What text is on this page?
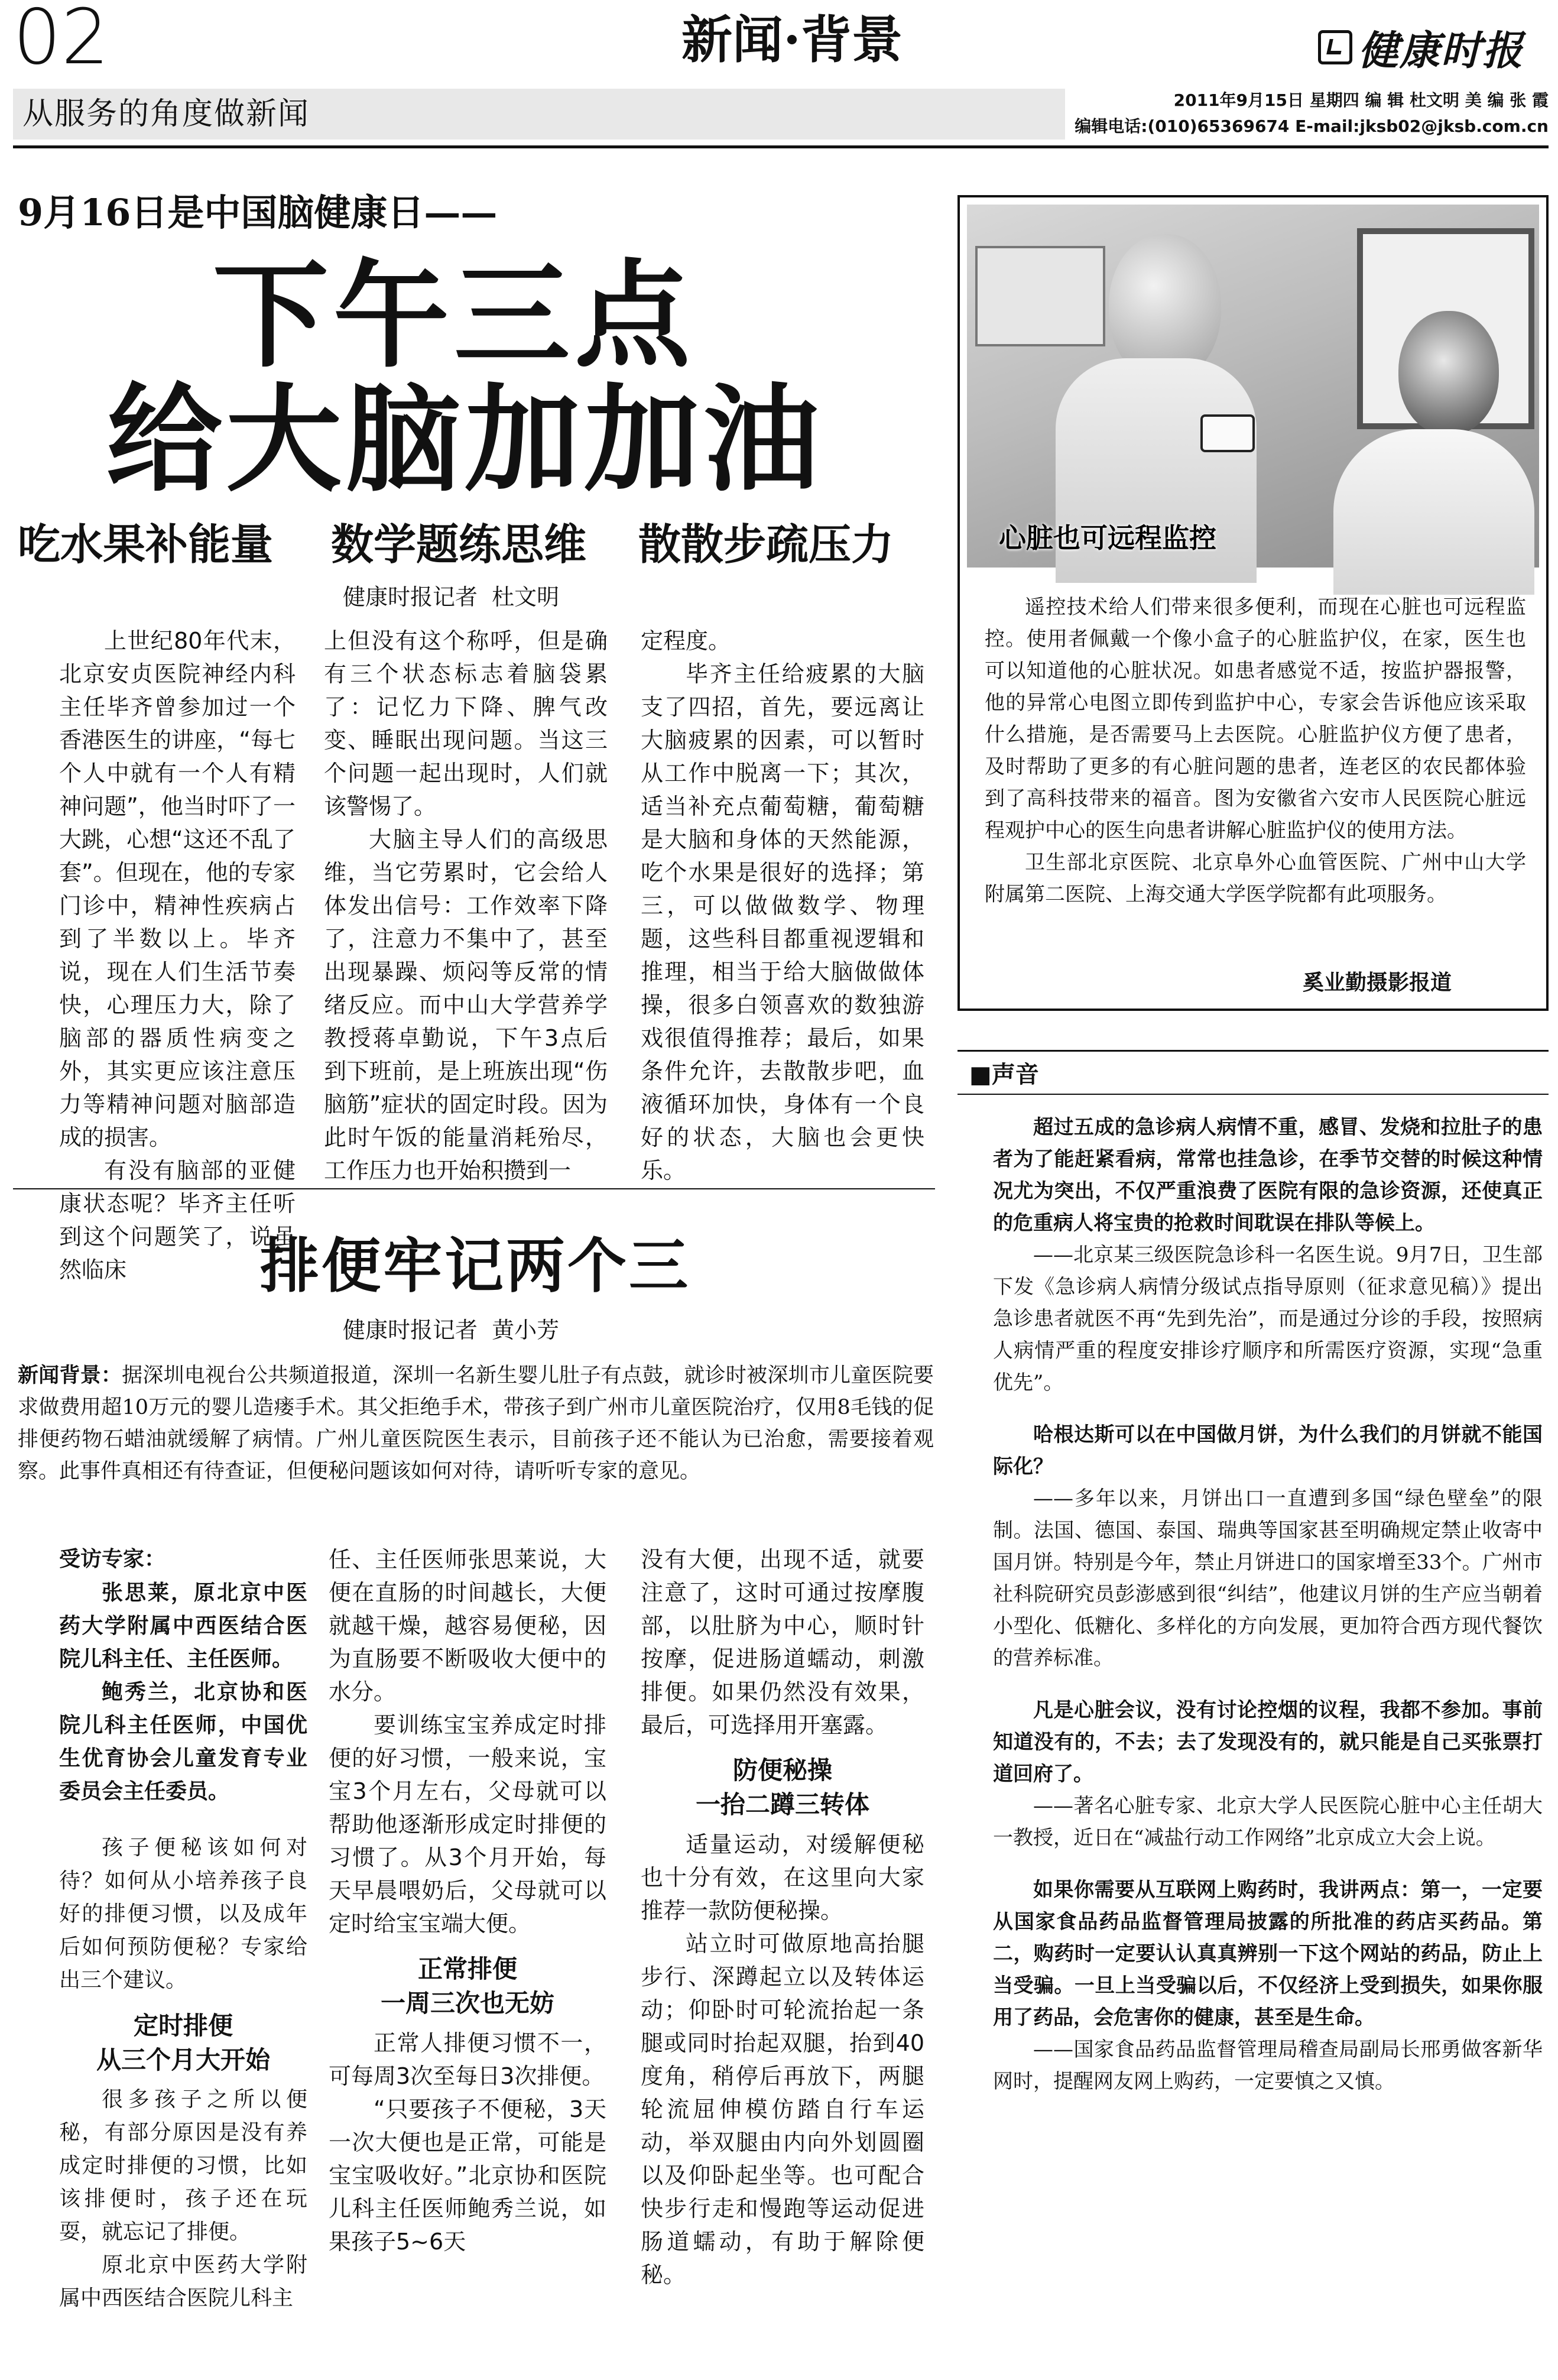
02	新闻·背景	健康时报
从服务的角度做新闻	2011年9月15日 星期四 编 辑 杜文明 美 编 张 霞
编辑电话:(010)65369674 E-mail:jksb02@jksb.com.cn
9月16日是中国脑健康日——
下午三点
给大脑加加油
吃水果补能量 数学题练思维 散散步疏压力
健康时报记者  杜文明

上世纪80年代末，北京安贞医院神经内科主任毕齐曾参加过一个香港医生的讲座，“每七个人中就有一个人有精神问题”，他当时吓了一大跳，心想“这还不乱了套”。但现在，他的专家门诊中，精神性疾病占到了半数以上。毕齐说，现在人们生活节奏快，心理压力大，除了脑部的器质性病变之外，其实更应该注意压力等精神问题对脑部造成的损害。

有没有脑部的亚健康状态呢？毕齐主任听到这个问题笑了，说虽然临床

上但没有这个称呼，但是确有三个状态标志着脑袋累了：记忆力下降、脾气改变、睡眠出现问题。当这三个问题一起出现时，人们就该警惕了。

大脑主导人们的高级思维，当它劳累时，它会给人体发出信号：工作效率下降了，注意力不集中了，甚至出现暴躁、烦闷等反常的情绪反应。而中山大学营养学教授蒋卓勤说，下午3点后到下班前，是上班族出现“伤脑筋”症状的固定时段。因为此时午饭的能量消耗殆尽，工作压力也开始积攒到一

定程度。

毕齐主任给疲累的大脑支了四招，首先，要远离让大脑疲累的因素，可以暂时从工作中脱离一下；其次，适当补充点葡萄糖，葡萄糖是大脑和身体的天然能源，吃个水果是很好的选择；第三，可以做做数学、物理题，这些科目都重视逻辑和推理，相当于给大脑做做体操，很多白领喜欢的数独游戏很值得推荐；最后，如果条件允许，去散散步吧，血液循环加快，身体有一个良好的状态，大脑也会更快乐。

心脏也可远程监控

遥控技术给人们带来很多便利，而现在心脏也可远程监控。使用者佩戴一个像小盒子的心脏监护仪，在家，医生也可以知道他的心脏状况。如患者感觉不适，按监护器报警，他的异常心电图立即传到监护中心，专家会告诉他应该采取什么措施，是否需要马上去医院。心脏监护仪方便了患者，及时帮助了更多的有心脏问题的患者，连老区的农民都体验到了高科技带来的福音。图为安徽省六安市人民医院心脏远程观护中心的医生向患者讲解心脏监护仪的使用方法。

卫生部北京医院、北京阜外心血管医院、广州中山大学附属第二医院、上海交通大学医学院都有此项服务。

奚业勤摄影报道
■声音

超过五成的急诊病人病情不重，感冒、发烧和拉肚子的患者为了能赶紧看病，常常也挂急诊，在季节交替的时候这种情况尤为突出，不仅严重浪费了医院有限的急诊资源，还使真正的危重病人将宝贵的抢救时间耽误在排队等候上。

——北京某三级医院急诊科一名医生说。9月7日，卫生部下发《急诊病人病情分级试点指导原则（征求意见稿）》提出急诊患者就医不再“先到先治”，而是通过分诊的手段，按照病人病情严重的程度安排诊疗顺序和所需医疗资源，实现“急重优先”。

哈根达斯可以在中国做月饼，为什么我们的月饼就不能国际化？

——多年以来，月饼出口一直遭到多国“绿色壁垒”的限制。法国、德国、泰国、瑞典等国家甚至明确规定禁止收寄中国月饼。特别是今年，禁止月饼进口的国家增至33个。广州市社科院研究员彭澎感到很“纠结”，他建议月饼的生产应当朝着小型化、低糖化、多样化的方向发展，更加符合西方现代餐饮的营养标准。

凡是心脏会议，没有讨论控烟的议程，我都不参加。事前知道没有的，不去；去了发现没有的，就只能是自己买张票打道回府了。

——著名心脏专家、北京大学人民医院心脏中心主任胡大一教授，近日在“减盐行动工作网络”北京成立大会上说。

如果你需要从互联网上购药时，我讲两点：第一，一定要从国家食品药品监督管理局披露的所批准的药店买药品。第二，购药时一定要认认真真辨别一下这个网站的药品，防止上当受骗。一旦上当受骗以后，不仅经济上受到损失，如果你服用了药品，会危害你的健康，甚至是生命。

——国家食品药品监督管理局稽查局副局长邢勇做客新华网时，提醒网友网上购药，一定要慎之又慎。

排便牢记两个三
健康时报记者  黄小芳
新闻背景：据深圳电视台公共频道报道，深圳一名新生婴儿肚子有点鼓，就诊时被深圳市儿童医院要求做费用超10万元的婴儿造瘘手术。其父拒绝手术，带孩子到广州市儿童医院治疗，仅用8毛钱的促排便药物石蜡油就缓解了病情。广州儿童医院医生表示，目前孩子还不能认为已治愈，需要接着观察。此事件真相还有待查证，但便秘问题该如何对待，请听听专家的意见。

受访专家：

张思莱，原北京中医药大学附属中西医结合医院儿科主任、主任医师。

鲍秀兰，北京协和医院儿科主任医师，中国优生优育协会儿童发育专业委员会主任委员。

孩子便秘该如何对待？如何从小培养孩子良好的排便习惯，以及成年后如何预防便秘？专家给出三个建议。

定时排便
从三个月大开始

很多孩子之所以便秘，有部分原因是没有养成定时排便的习惯，比如该排便时，孩子还在玩耍，就忘记了排便。

原北京中医药大学附属中西医结合医院儿科主

任、主任医师张思莱说，大便在直肠的时间越长，大便就越干燥，越容易便秘，因为直肠要不断吸收大便中的水分。

要训练宝宝养成定时排便的好习惯，一般来说，宝宝3个月左右，父母就可以帮助他逐渐形成定时排便的习惯了。从3个月开始，每天早晨喂奶后，父母就可以定时给宝宝端大便。

正常排便
一周三次也无妨

正常人排便习惯不一，可每周3次至每日3次排便。

“只要孩子不便秘，3天一次大便也是正常，可能是宝宝吸收好。”北京协和医院儿科主任医师鲍秀兰说，如果孩子5~6天

没有大便，出现不适，就要注意了，这时可通过按摩腹部，以肚脐为中心，顺时针按摩，促进肠道蠕动，刺激排便。如果仍然没有效果，最后，可选择用开塞露。

防便秘操
一抬二蹲三转体

适量运动，对缓解便秘也十分有效，在这里向大家推荐一款防便秘操。

站立时可做原地高抬腿步行、深蹲起立以及转体运动；仰卧时可轮流抬起一条腿或同时抬起双腿，抬到40度角，稍停后再放下，两腿轮流屈伸模仿踏自行车运动，举双腿由内向外划圆圈以及仰卧起坐等。也可配合快步行走和慢跑等运动促进肠道蠕动，有助于解除便秘。
